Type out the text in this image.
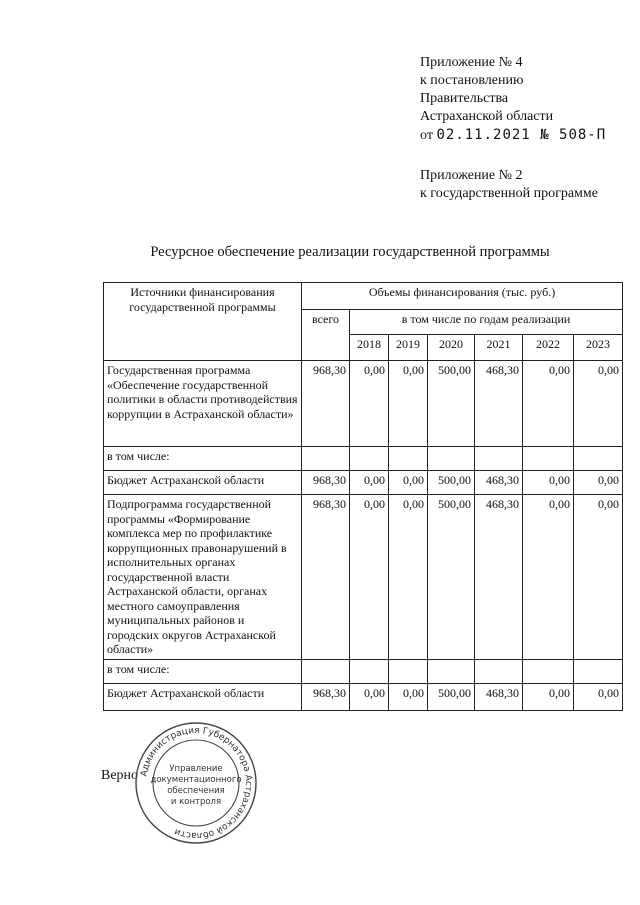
Приложение № 4
к постановлению
Правительства
Астраханской области
от 02.11.2021 № 508-П
Приложение № 2
к государственной программе
Ресурсное обеспечение реализации государственной программы
Источники финансирования государственной программы	Объемы финансирования (тыс. руб.)						
	всего	в том числе по годам реализации					
		2018	2019	2020	2021	2022	2023
Государственная программа «Обеспечение государственной политики в области противодействия коррупции в Астраханской области»	968,30	0,00	0,00	500,00	468,30	0,00	0,00
в том числе:							
Бюджет Астраханской области	968,30	0,00	0,00	500,00	468,30	0,00	0,00
Подпрограмма государственной программы «Формирование комплекса мер по профилактике коррупционных правонарушений в исполнительных органах государственной власти Астраханской области, органах местного самоуправления муниципальных районов и городских округов Астраханской области»	968,30	0,00	0,00	500,00	468,30	0,00	0,00
в том числе:							
Бюджет Астраханской области	968,30	0,00	0,00	500,00	468,30	0,00	0,00
Верно Администрация Губернатора Астраханской области
Управление
документационного
обеспечения
и контроля
